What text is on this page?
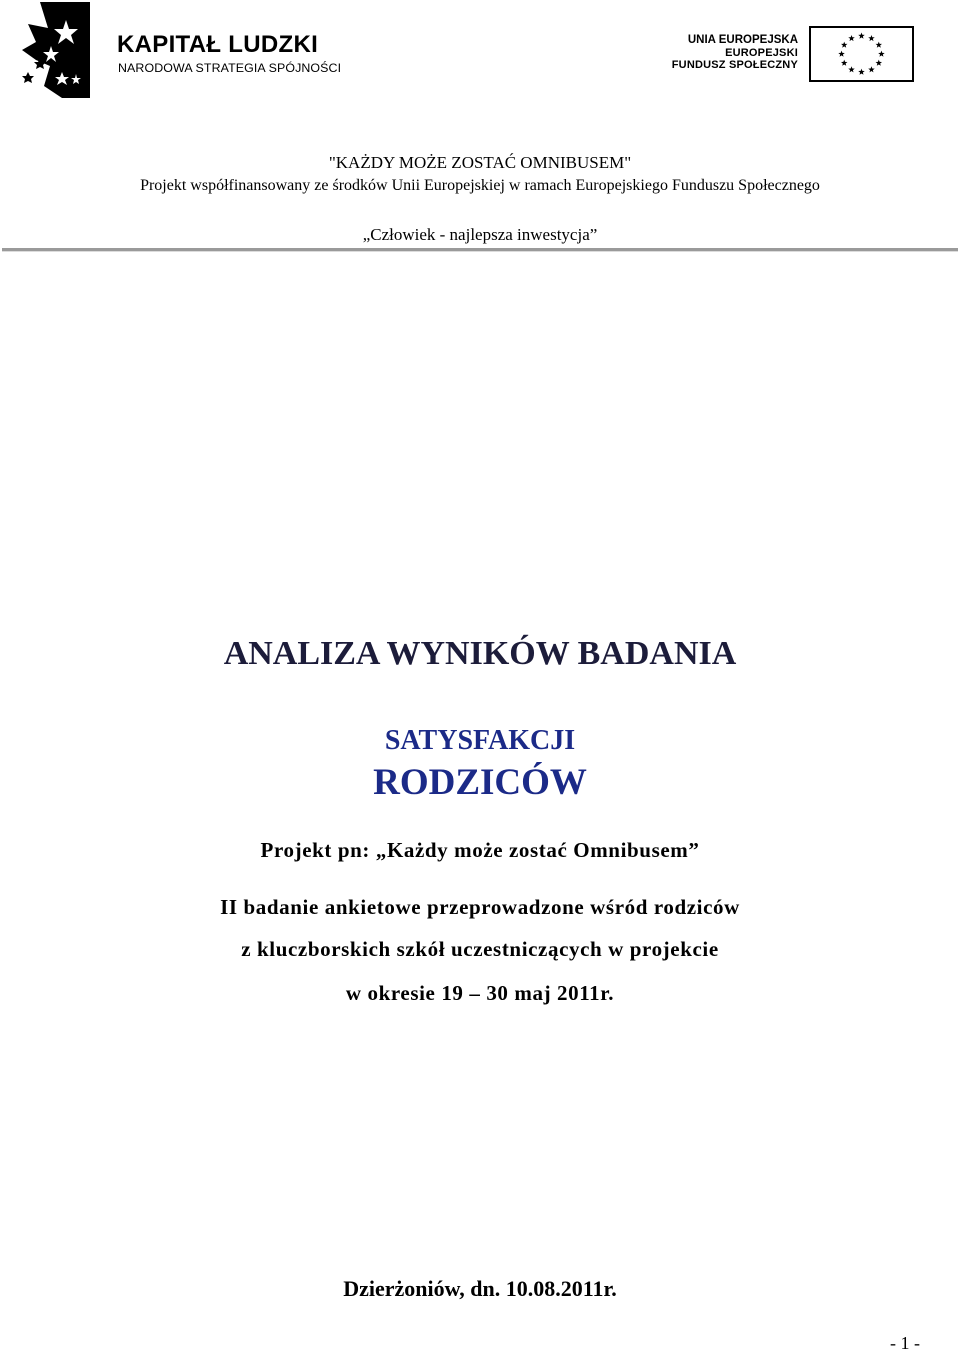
KAPITAŁ LUDZKI
NARODOWA STRATEGIA SPÓJNOŚCI
UNIA EUROPEJSKA
EUROPEJSKI
FUNDUSZ SPOŁECZNY
"KAŻDY MOŻE ZOSTAĆ OMNIBUSEM"
Projekt współfinansowany ze środków Unii Europejskiej w ramach Europejskiego Funduszu Społecznego
„Człowiek - najlepsza inwestycja”
ANALIZA WYNIKÓW BADANIA
SATYSFAKCJI
RODZICÓW
Projekt pn: „Każdy może zostać Omnibusem”
II badanie ankietowe przeprowadzone wśród rodziców
z kluczborskich szkół uczestniczących w projekcie
w okresie 19 – 30 maj 2011r.
Dzierżoniów, dn. 10.08.2011r.
- 1 -
